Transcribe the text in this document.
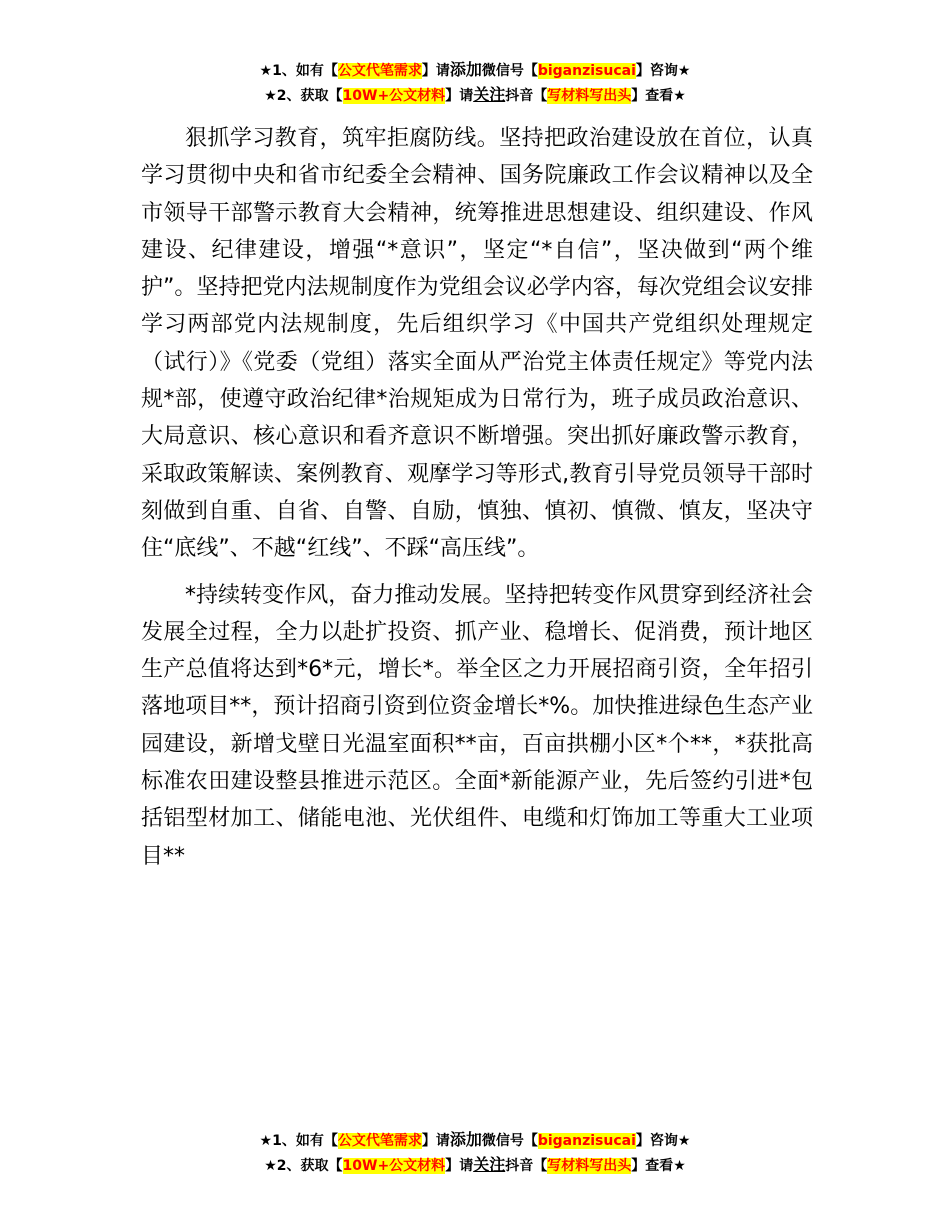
★1、如有【公文代笔需求】请添加微信号【biganzisucai】咨询★
★2、获取【10W+公文材料】请关注抖音【写材料写出头】查看★

狠抓学习教育，筑牢拒腐防线。坚持把政治建设放在首位，认真学习贯彻中央和省市纪委全会精神、国务院廉政工作会议精神以及全市领导干部警示教育大会精神，统筹推进思想建设、组织建设、作风建设、纪律建设，增强“*意识”，坚定“*自信”，坚决做到“两个维护”。坚持把党内法规制度作为党组会议必学内容，每次党组会议安排学习两部党内法规制度，先后组织学习《中国共产党组织处理规定（试行）》《党委（党组）落实全面从严治党主体责任规定》等党内法规*部，使遵守政治纪律*治规矩成为日常行为，班子成员政治意识、大局意识、核心意识和看齐意识不断增强。突出抓好廉政警示教育，采取政策解读、案例教育、观摩学习等形式,教育引导党员领导干部时刻做到自重、自省、自警、自励，慎独、慎初、慎微、慎友，坚决守住“底线”、不越“红线”、不踩“高压线”。

*持续转变作风，奋力推动发展。坚持把转变作风贯穿到经济社会发展全过程，全力以赴扩投资、抓产业、稳增长、促消费，预计地区生产总值将达到*6*元，增长*。举全区之力开展招商引资，全年招引落地项目**，预计招商引资到位资金增长*%。加快推进绿色生态产业园建设，新增戈壁日光温室面积**亩，百亩拱棚小区*个**，*获批高标准农田建设整县推进示范区。全面*新能源产业，先后签约引进*包括铝型材加工、储能电池、光伏组件、电缆和灯饰加工等重大工业项目**

★1、如有【公文代笔需求】请添加微信号【biganzisucai】咨询★
★2、获取【10W+公文材料】请关注抖音【写材料写出头】查看★
